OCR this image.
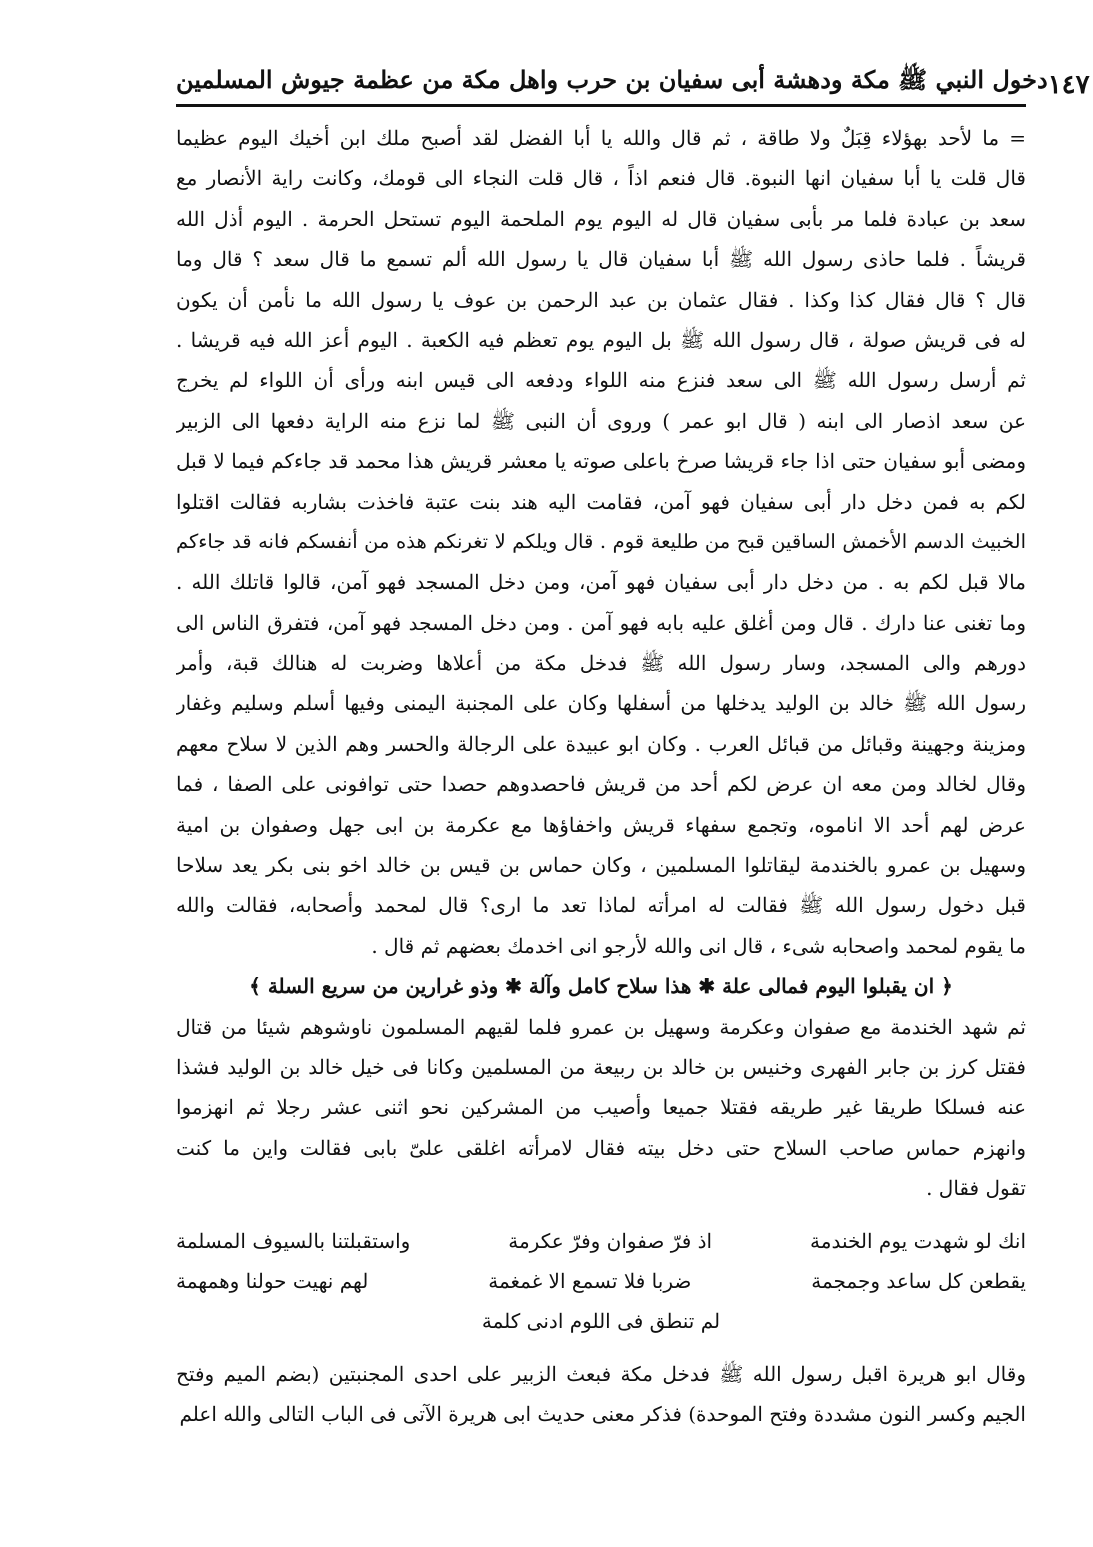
دخول النبي ﷺ مكة ودهشة أبى سفيان بن حرب واهل مكة من عظمة جيوش المسلمين ١٤٧
= ما لأحد بهؤلاء قِبَلٌ ولا طاقة ، ثم قال والله يا أبا الفضل لقد أصبح ملك ابن أخيك اليوم عظيما
قال قلت يا أبا سفيان انها النبوة. قال فنعم اذاً ، قال قلت النجاء الى قومك، وكانت راية الأنصار مع
سعد بن عبادة فلما مر بأبى سفيان قال له اليوم يوم الملحمة اليوم تستحل الحرمة . اليوم أذل الله
قريشاً . فلما حاذى رسول الله ﷺ أبا سفيان قال يا رسول الله ألم تسمع ما قال سعد ؟ قال وما
قال ؟ قال فقال كذا وكذا . فقال عثمان بن عبد الرحمن بن عوف يا رسول الله ما نأمن أن يكون
له فى قريش صولة ، قال رسول الله ﷺ بل اليوم يوم تعظم فيه الكعبة . اليوم أعز الله فيه قريشا .
ثم أرسل رسول الله ﷺ الى سعد فنزع منه اللواء ودفعه الى قيس ابنه ورأى أن اللواء لم يخرج
عن سعد اذصار الى ابنه ( قال ابو عمر ) وروى أن النبى ﷺ لما نزع منه الراية دفعها الى الزبير
ومضى أبو سفيان حتى اذا جاء قريشا صرخ باعلى صوته يا معشر قريش هذا محمد قد جاءكم فيما لا قبل
لكم به فمن دخل دار أبى سفيان فهو آمن، فقامت اليه هند بنت عتبة فاخذت بشاربه فقالت اقتلوا
الخبيث الدسم الأخمش الساقين قبح من طليعة قوم . قال ويلكم لا تغرنكم هذه من أنفسكم فانه قد جاءكم
مالا قبل لكم به . من دخل دار أبى سفيان فهو آمن، ومن دخل المسجد فهو آمن، قالوا قاتلك الله .
وما تغنى عنا دارك . قال ومن أغلق عليه بابه فهو آمن . ومن دخل المسجد فهو آمن، فتفرق الناس الى
دورهم والى المسجد، وسار رسول الله ﷺ فدخل مكة من أعلاها وضربت له هنالك قبة، وأمر
رسول الله ﷺ خالد بن الوليد يدخلها من أسفلها وكان على المجنبة اليمنى وفيها أسلم وسليم وغفار
ومزينة وجهينة وقبائل من قبائل العرب . وكان ابو عبيدة على الرجالة والحسر وهم الذين لا سلاح معهم
وقال لخالد ومن معه ان عرض لكم أحد من قريش فاحصدوهم حصدا حتى توافونى على الصفا ، فما
عرض لهم أحد الا اناموه، وتجمع سفهاء قريش واخفاؤها مع عكرمة بن ابى جهل وصفوان بن امية
وسهيل بن عمرو بالخندمة ليقاتلوا المسلمين ، وكان حماس بن قيس بن خالد اخو بنى بكر يعد سلاحا
قبل دخول رسول الله ﷺ فقالت له امرأته لماذا تعد ما ارى؟ قال لمحمد وأصحابه، فقالت والله
ما يقوم لمحمد واصحابه شىء ، قال انى والله لأرجو انى اخدمك بعضهم ثم قال .
﴿ ان يقبلوا اليوم فمالى علة ✱ هذا سلاح كامل وآلة ✱ وذو غرارين من سريع السلة ﴾
ثم شهد الخندمة مع صفوان وعكرمة وسهيل بن عمرو فلما لقيهم المسلمون ناوشوهم شيئا من قتال
فقتل كرز بن جابر الفهرى وخنيس بن خالد بن ربيعة من المسلمين وكانا فى خيل خالد بن الوليد فشذا
عنه فسلكا طريقا غير طريقه فقتلا جميعا وأصيب من المشركين نحو اثنى عشر رجلا ثم انهزموا
وانهزم حماس صاحب السلاح حتى دخل بيته فقال لامرأته اغلقى علىّ بابى فقالت واين ما كنت
تقول فقال .
انك لو شهدت يوم الخندمة
اذ فرّ صفوان وفرّ عكرمة
واستقبلتنا بالسيوف المسلمة
يقطعن كل ساعد وجمجمة
ضربا فلا تسمع الا غمغمة
لهم نهيت حولنا وهمهمة
لم تنطق فى اللوم ادنى كلمة
وقال ابو هريرة اقبل رسول الله ﷺ فدخل مكة فبعث الزبير على احدى المجنبتين (بضم الميم وفتح
الجيم وكسر النون مشددة وفتح الموحدة) فذكر معنى حديث ابى هريرة الآتى فى الباب التالى والله اعلم
